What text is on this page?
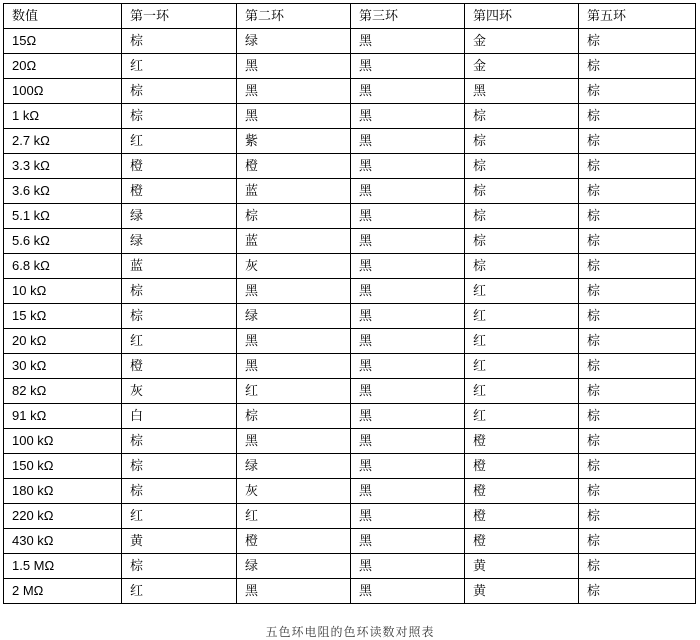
数值	第一环	第二环	第三环	第四环	第五环
15Ω	棕	绿	黑	金	棕
20Ω	红	黑	黑	金	棕
100Ω	棕	黑	黑	黑	棕
1 kΩ	棕	黑	黑	棕	棕
2.7 kΩ	红	紫	黑	棕	棕
3.3 kΩ	橙	橙	黑	棕	棕
3.6 kΩ	橙	蓝	黑	棕	棕
5.1 kΩ	绿	棕	黑	棕	棕
5.6 kΩ	绿	蓝	黑	棕	棕
6.8 kΩ	蓝	灰	黑	棕	棕
10 kΩ	棕	黑	黑	红	棕
15 kΩ	棕	绿	黑	红	棕
20 kΩ	红	黑	黑	红	棕
30 kΩ	橙	黑	黑	红	棕
82 kΩ	灰	红	黑	红	棕
91 kΩ	白	棕	黑	红	棕
100 kΩ	棕	黑	黑	橙	棕
150 kΩ	棕	绿	黑	橙	棕
180 kΩ	棕	灰	黑	橙	棕
220 kΩ	红	红	黑	橙	棕
430 kΩ	黄	橙	黑	橙	棕
1.5 MΩ	棕	绿	黑	黄	棕
2 MΩ	红	黑	黑	黄	棕
五色环电阻的色环读数对照表
